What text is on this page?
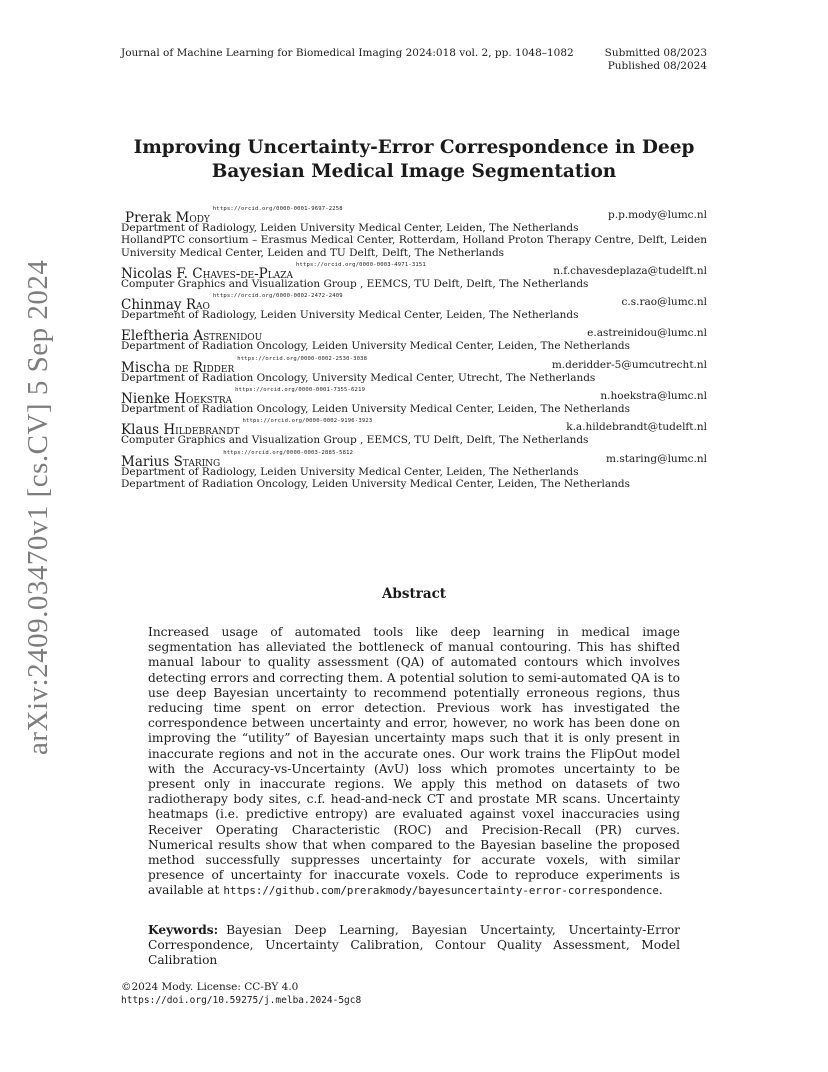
Journal of Machine Learning for Biomedical Imaging 2024:018 vol. 2, pp. 1048–1082	Submitted 08/2023
Published 08/2024
arXiv:2409.03470v1 [cs.CV] 5 Sep 2024
Improving Uncertainty-Error Correspondence in Deep
Bayesian Medical Image Segmentation
Prerak Mody$^{https://orcid.org/0000-0001-9697-2258}$	p.p.mody@lumc.nl
Department of Radiology, Leiden University Medical Center, Leiden, The Netherlands
HollandPTC consortium – Erasmus Medical Center, Rotterdam, Holland Proton Therapy Centre, Delft, Leiden University Medical Center, Leiden and TU Delft, Delft, The Netherlands
Nicolas F. Chaves-de-Plaza$^{https://orcid.org/0000-0003-4971-3151}$	n.f.chavesdeplaza@tudelft.nl
Computer Graphics and Visualization Group , EEMCS, TU Delft, Delft, The Netherlands
Chinmay Rao$^{https://orcid.org/0000-0002-2472-2409}$	c.s.rao@lumc.nl
Department of Radiology, Leiden University Medical Center, Leiden, The Netherlands
Eleftheria Astrenidou	e.astreinidou@lumc.nl
Department of Radiation Oncology, Leiden University Medical Center, Leiden, The Netherlands
Mischa de Ridder$^{https://orcid.org/0000-0002-2530-3038}$	m.deridder-5@umcutrecht.nl
Department of Radiation Oncology, University Medical Center, Utrecht, The Netherlands
Nienke Hoekstra$^{https://orcid.org/0000-0001-7355-6219}$	n.hoekstra@lumc.nl
Department of Radiation Oncology, Leiden University Medical Center, Leiden, The Netherlands
Klaus Hildebrandt$^{https://orcid.org/0000-0002-9196-3923}$	k.a.hildebrandt@tudelft.nl
Computer Graphics and Visualization Group , EEMCS, TU Delft, Delft, The Netherlands
Marius Staring$^{https://orcid.org/0000-0003-2885-5812}$	m.staring@lumc.nl
Department of Radiology, Leiden University Medical Center, Leiden, The Netherlands
Department of Radiation Oncology, Leiden University Medical Center, Leiden, The Netherlands
Abstract
Increased usage of automated tools like deep learning in medical image segmentation has alleviated the bottleneck of manual contouring. This has shifted manual labour to quality assessment (QA) of automated contours which involves detecting errors and correcting them. A potential solution to semi-automated QA is to use deep Bayesian uncertainty to recommend potentially erroneous regions, thus reducing time spent on error detection. Previous work has investigated the correspondence between uncertainty and error, however, no work has been done on improving the “utility” of Bayesian uncertainty maps such that it is only present in inaccurate regions and not in the accurate ones. Our work trains the FlipOut model with the Accuracy-vs-Uncertainty (AvU) loss which promotes uncertainty to be present only in inaccurate regions. We apply this method on datasets of two radiotherapy body sites, c.f. head-and-neck CT and prostate MR scans. Uncertainty heatmaps (i.e. predictive entropy) are evaluated against voxel inaccuracies using Receiver Operating Characteristic (ROC) and Precision-Recall (PR) curves. Numerical results show that when compared to the Bayesian baseline the proposed method successfully suppresses uncertainty for accurate voxels, with similar presence of uncertainty for inaccurate voxels. Code to reproduce experiments is available at https://github.com/prerakmody/bayesuncertainty-error-correspondence.
Keywords: Bayesian Deep Learning, Bayesian Uncertainty, Uncertainty-Error Correspondence, Uncertainty Calibration, Contour Quality Assessment, Model Calibration
©2024 Mody. License: CC-BY 4.0
https://doi.org/10.59275/j.melba.2024-5gc8
